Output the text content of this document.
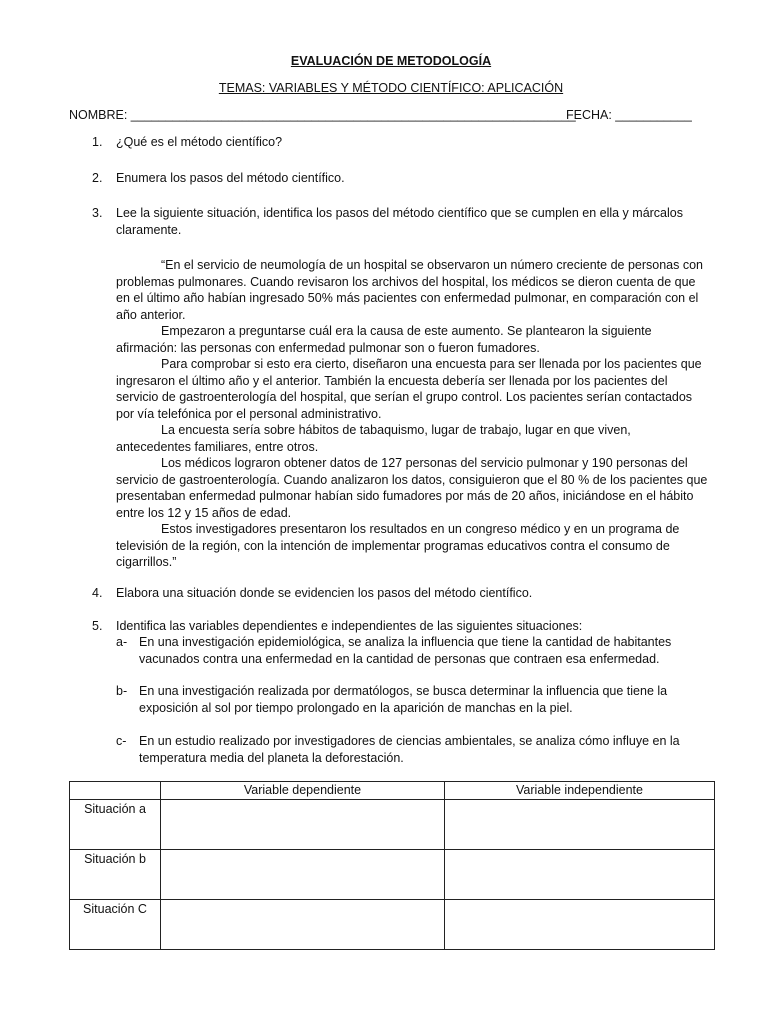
EVALUACIÓN DE METODOLOGÍA
TEMAS: VARIABLES Y MÉTODO CIENTÍFICO: APLICACIÓN
NOMBRE: ________________________________________________________________
FECHA: ___________
1. ¿Qué es el método científico?
2. Enumera los pasos del método científico.
3. Lee la siguiente situación, identifica los pasos del método científico que se cumplen en ella y márcalos claramente.

“En el servicio de neumología de un hospital se observaron un número creciente de personas con problemas pulmonares. Cuando revisaron los archivos del hospital, los médicos se dieron cuenta de que en el último año habían ingresado 50% más pacientes con enfermedad pulmonar, en comparación con el año anterior.

Empezaron a preguntarse cuál era la causa de este aumento. Se plantearon la siguiente afirmación: las personas con enfermedad pulmonar son o fueron fumadores.

Para comprobar si esto era cierto, diseñaron una encuesta para ser llenada por los pacientes que ingresaron el último año y el anterior. También la encuesta debería ser llenada por los pacientes del servicio de gastroenterología del hospital, que serían el grupo control. Los pacientes serían contactados por vía telefónica por el personal administrativo.

La encuesta sería sobre hábitos de tabaquismo, lugar de trabajo, lugar en que viven, antecedentes familiares, entre otros.

Los médicos lograron obtener datos de 127 personas del servicio pulmonar y 190 personas del servicio de gastroenterología. Cuando analizaron los datos, consiguieron que el 80 % de los pacientes que presentaban enfermedad pulmonar habían sido fumadores por más de 20 años, iniciándose en el hábito entre los 12 y 15 años de edad.

Estos investigadores presentaron los resultados en un congreso médico y en un programa de televisión de la región, con la intención de implementar programas educativos contra el consumo de cigarrillos.”

4. Elabora una situación donde se evidencien los pasos del método científico.
5. Identifica las variables dependientes e independientes de las siguientes situaciones:
a- En una investigación epidemiológica, se analiza la influencia que tiene la cantidad de habitantes vacunados contra una enfermedad en la cantidad de personas que contraen esa enfermedad.
b- En una investigación realizada por dermatólogos, se busca determinar la influencia que tiene la exposición al sol por tiempo prolongado en la aparición de manchas en la piel.
c- En un estudio realizado por investigadores de ciencias ambientales, se analiza cómo influye en la temperatura media del planeta la deforestación.
	Variable dependiente	Variable independiente
Situación a		
Situación b		
Situación C		
